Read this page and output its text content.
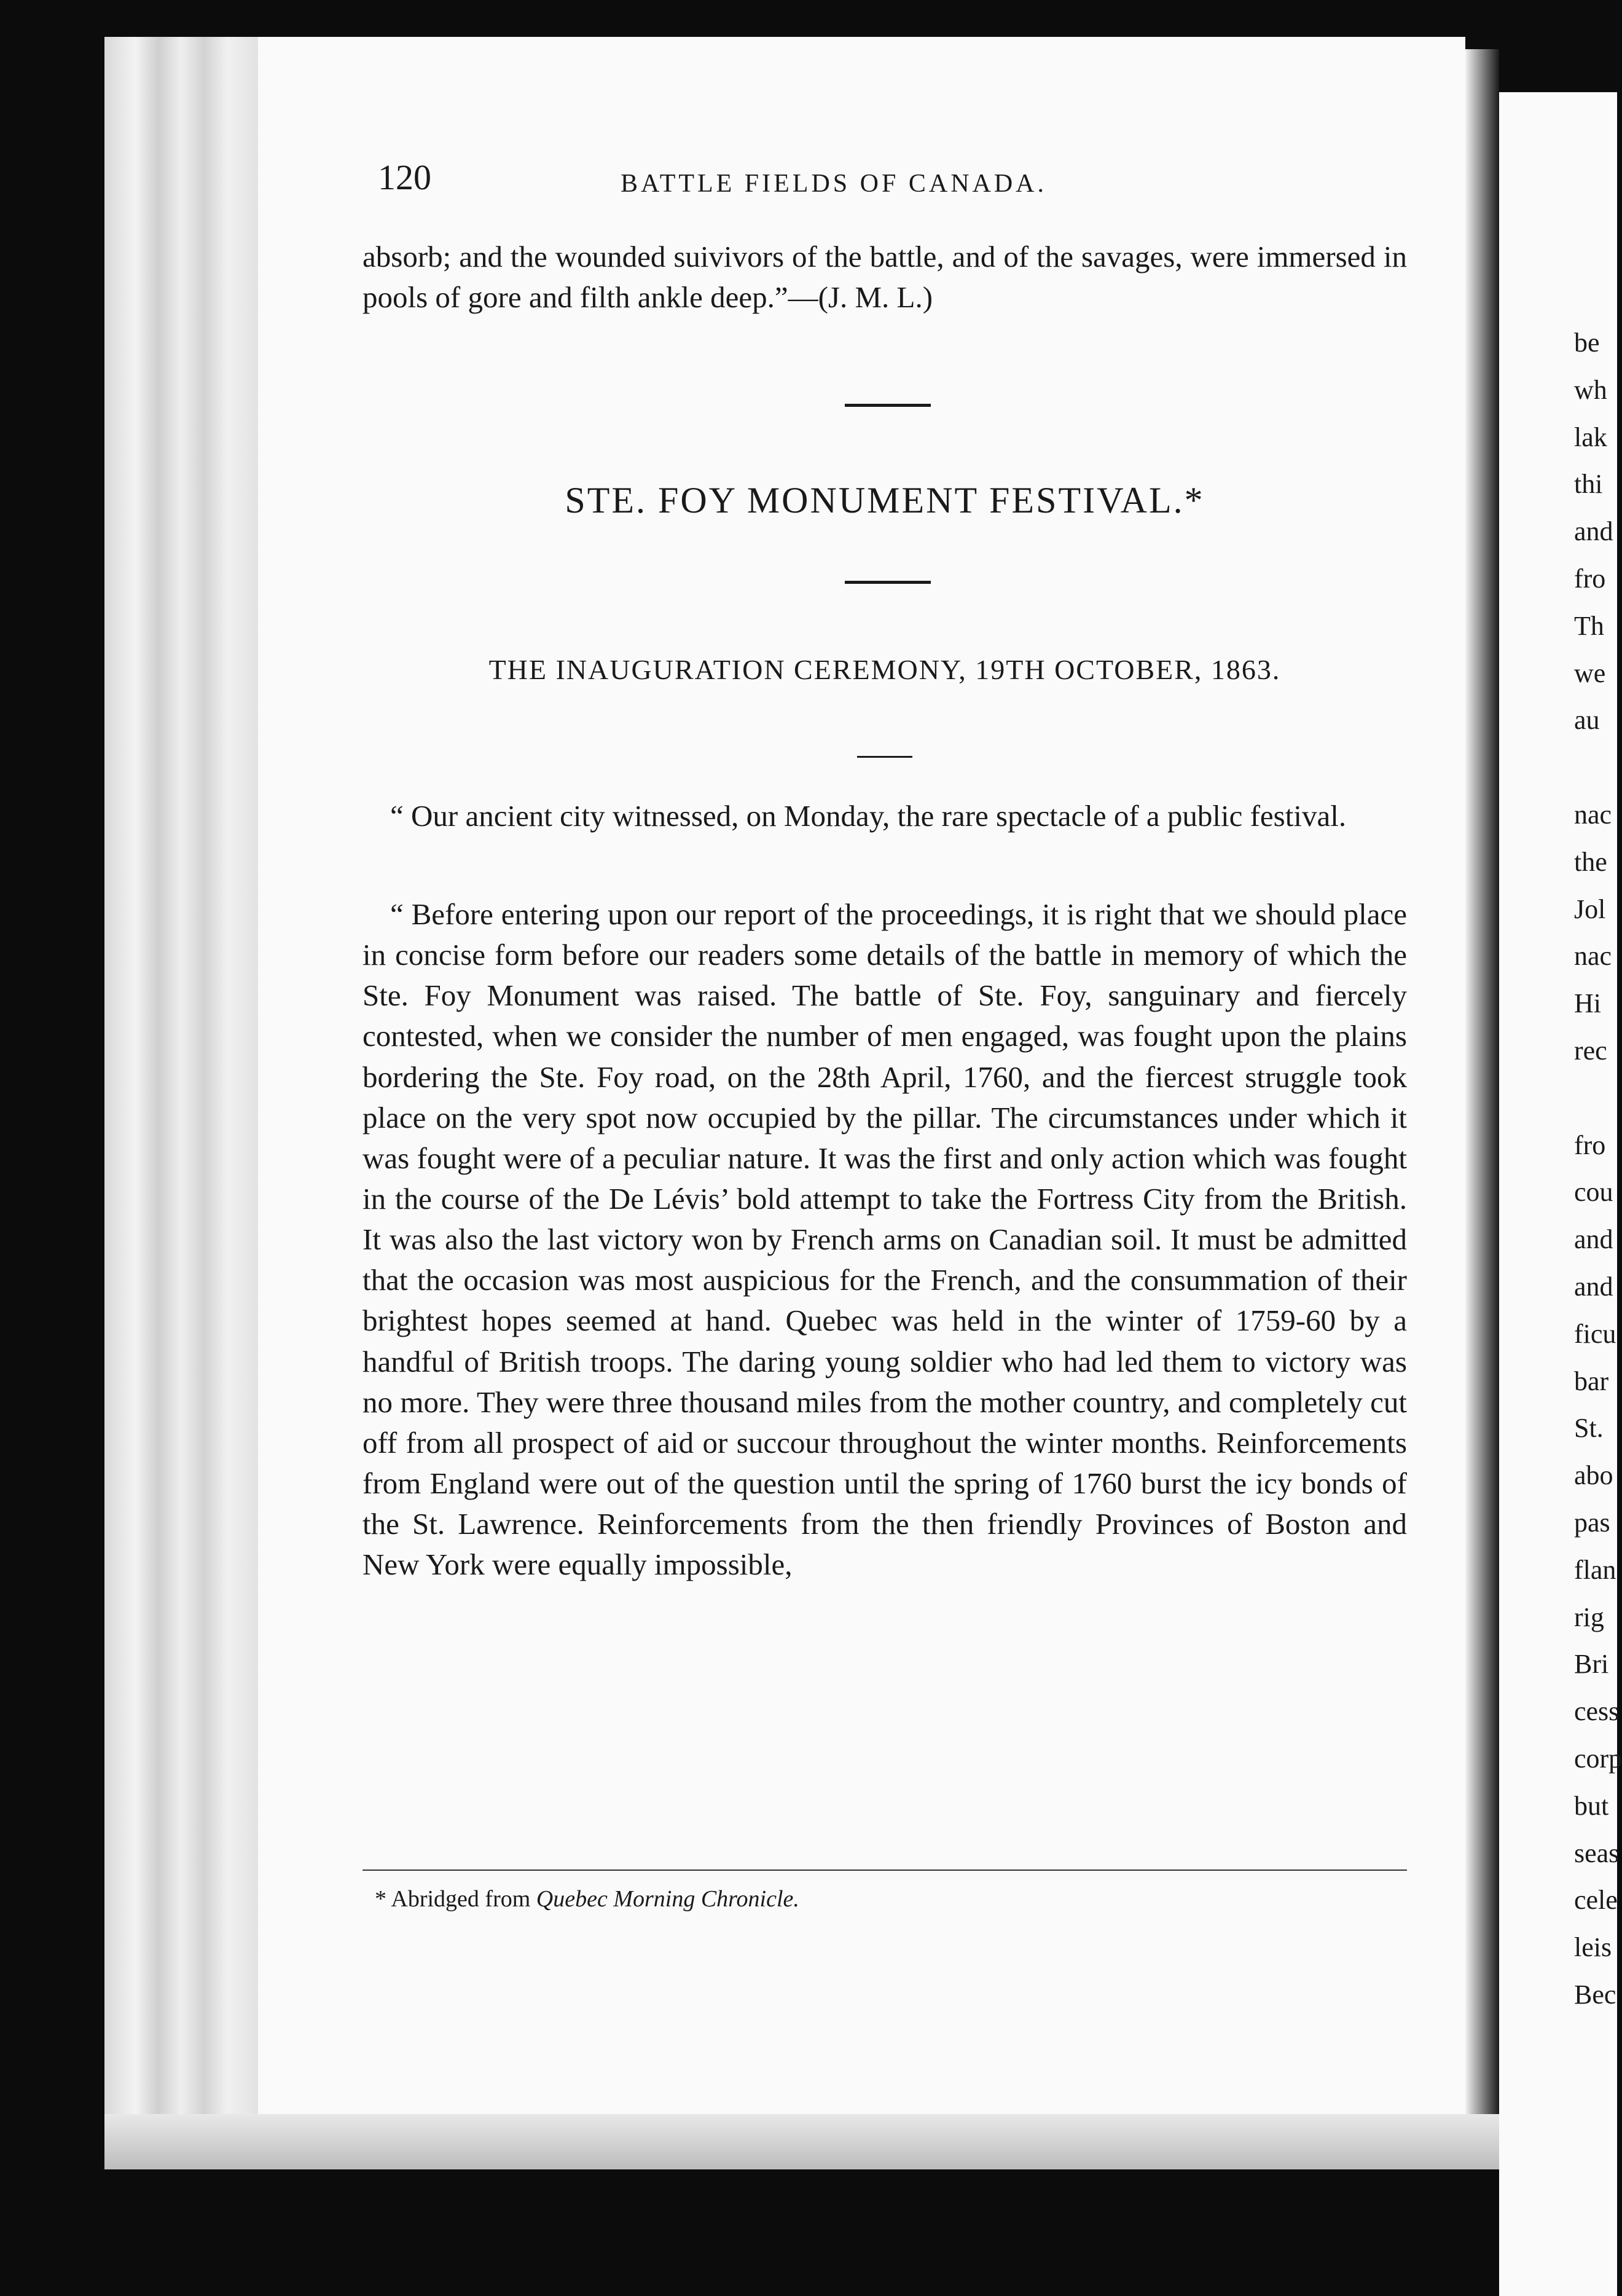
120	BATTLE FIELDS OF CANADA.
absorb; and the wounded suivivors of the battle, and of the savages, were immersed in pools of gore and filth ankle deep.”—(J. M. L.)
STE. FOY MONUMENT FESTIVAL.*
THE INAUGURATION CEREMONY, 19TH OCTOBER, 1863.
“ Our ancient city witnessed, on Monday, the rare spectacle of a public festival.
“ Before entering upon our report of the proceedings, it is right that we should place in concise form before our readers some details of the battle in memory of which the Ste. Foy Monument was raised. The battle of Ste. Foy, sanguinary and fiercely contested, when we consider the number of men engaged, was fought upon the plains bordering the Ste. Foy road, on the 28th April, 1760, and the fiercest struggle took place on the very spot now occupied by the pillar. The circumstances under which it was fought were of a peculiar nature. It was the first and only action which was fought in the course of the De Lévis’ bold attempt to take the Fortress City from the British. It was also the last victory won by French arms on Canadian soil. It must be admitted that the occasion was most auspicious for the French, and the consummation of their brightest hopes seemed at hand. Quebec was held in the winter of 1759-60 by a handful of British troops. The daring young soldier who had led them to victory was no more. They were three thousand miles from the mother country, and completely cut off from all prospect of aid or succour throughout the winter months. Reinforcements from England were out of the question until the spring of 1760 burst the icy bonds of the St. Lawrence. Reinforcements from the then friendly Provinces of Boston and New York were equally impossible,
* Abridged from Quebec Morning Chronicle.
be
wh
lak
thi
and
fro
Th
we
au
nac
the
Jol
nac
Hi
rec
fro
cou
and
and
ficu
bar
St.
abo
pas
flan
rig
Bri
cess
corp
but
seas
cele
leis
Bec
